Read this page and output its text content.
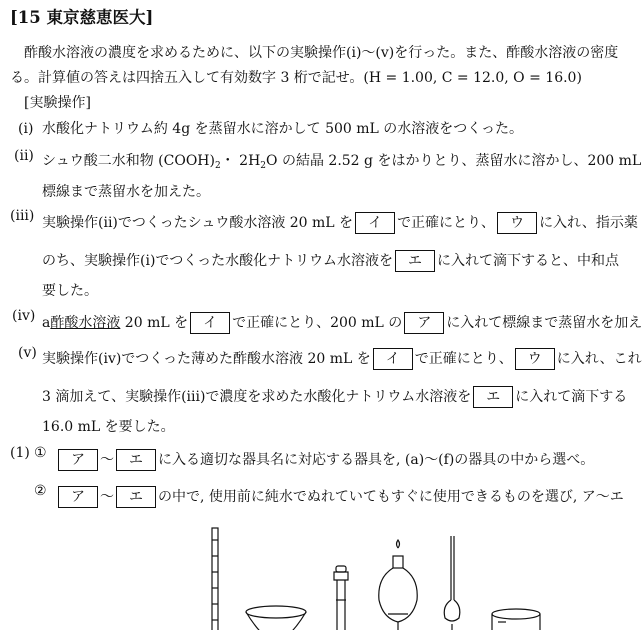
[15 東京慈恵医大]
酢酸水溶液の濃度を求めるために、以下の実験操作(i)～(v)を行った。また、酢酸水溶液の密度
る。計算値の答えは四捨五入して有効数字 3 桁で記せ。(H = 1.00, C = 12.0, O = 16.0)
[実験操作]
(i) 水酸化ナトリウム約 4g を蒸留水に溶かして 500 mL の水溶液をつくった。
(ii) シュウ酸二水和物 $(COOH)_2$・ $2H_2O$ の結晶 2.52 g をはかりとり、蒸留水に溶かし、200 mL
標線まで蒸留水を加えた。
(iii) 実験操作(ii)でつくったシュウ酸水溶液 20 mL を イ で正確にとり、 ウ に入れ、指示薬
のち、実験操作(i)でつくった水酸化ナトリウム水溶液を エ に入れて滴下すると、中和点
要した。
(iv) a酢酸水溶液 20 mL を イ で正確にとり、200 mL の ア に入れて標線まで蒸留水を加え
(v) 実験操作(iv)でつくった薄めた酢酸水溶液 20 mL を イ で正確にとり、 ウ に入れ、これ
3 滴加えて、実験操作(iii)で濃度を求めた水酸化ナトリウム水溶液を エ に入れて滴下する
16.0 mL を要した。
(1) ①	ア ～ エ に入る適切な器具名に対応する器具を, (a)～(f)の器具の中から選べ。
②	ア ～ エ の中で, 使用前に純水でぬれていてもすぐに使用できるものを選び, ア～エ
